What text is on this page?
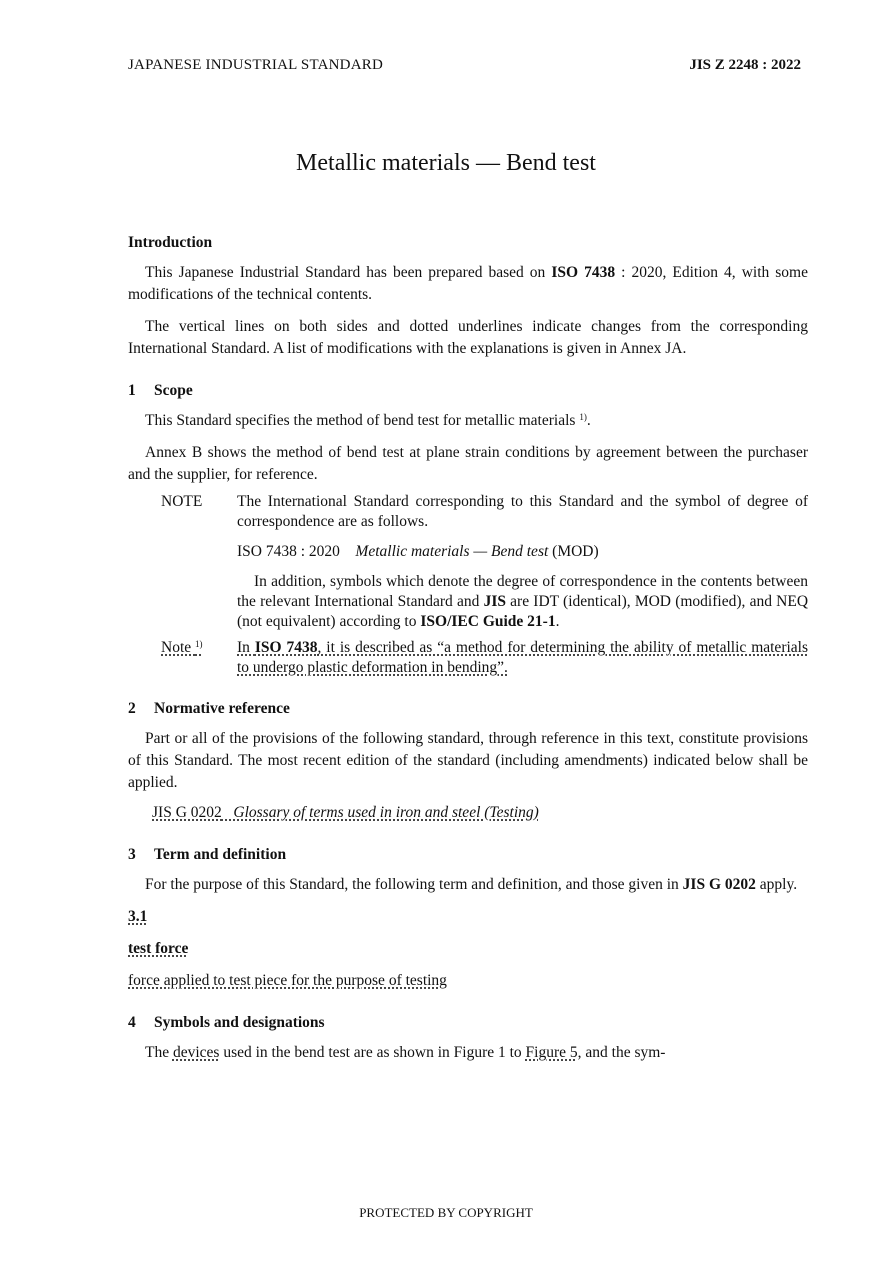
JAPANESE INDUSTRIAL STANDARD	JIS Z 2248 : 2022
Metallic materials — Bend test
Introduction

This Japanese Industrial Standard has been prepared based on ISO 7438 : 2020, Edition 4, with some modifications of the technical contents.

The vertical lines on both sides and dotted underlines indicate changes from the corresponding International Standard. A list of modifications with the explanations is given in Annex JA.

1 Scope

This Standard specifies the method of bend test for metallic materials $^{1)}$.

Annex B shows the method of bend test at plane strain conditions by agreement between the purchaser and the supplier, for reference.

NOTE	The International Standard corresponding to this Standard and the symbol of degree of correspondence are as follows.

ISO 7438 : 2020 Metallic materials — Bend test (MOD)

In addition, symbols which denote the degree of correspondence in the contents between the relevant International Standard and JIS are IDT (identical), MOD (modified), and NEQ (not equivalent) according to ISO/IEC Guide 21-1.

Note $^{1)}$	In ISO 7438, it is described as “a method for determining the ability of metallic materials to undergo plastic deformation in bending”.

2 Normative reference

Part or all of the provisions of the following standard, through reference in this text, constitute provisions of this Standard. The most recent edition of the standard (including amendments) indicated below shall be applied.

JIS G 0202 Glossary of terms used in iron and steel (Testing)
3 Term and definition

For the purpose of this Standard, the following term and definition, and those given in JIS G 0202 apply.

3.1

test force

force applied to test piece for the purpose of testing

4 Symbols and designations

The devices used in the bend test are as shown in Figure 1 to Figure 5, and the sym-

PROTECTED BY COPYRIGHT
